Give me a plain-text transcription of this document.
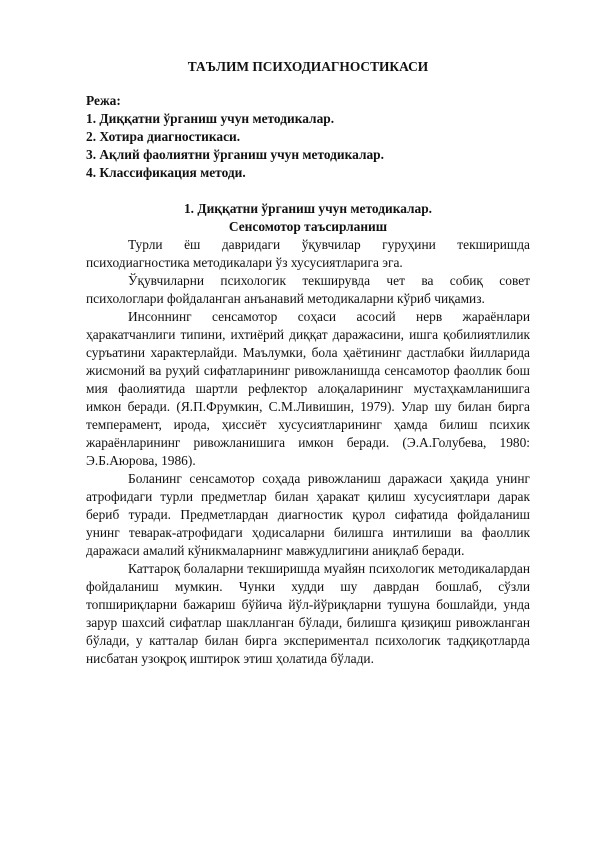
ТАЪЛИМ ПСИХОДИАГНОСТИКАСИ

Режа:

1. Диққатни ўрганиш учун методикалар.

2. Хотира диагностикаси.

3. Ақлий фаолиятни ўрганиш учун методикалар.

4. Классификация методи.

1. Диққатни ўрганиш учун методикалар.
Сенсомотор таъсирланиш

Турли ёш давридаги ўқувчилар гуруҳини текширишда психодиагностика методикалари ўз хусусиятларига эга.

Ўқувчиларни психологик текширувда чет ва собиқ совет психологлари фойдаланган анъанавий методикаларни кўриб чиқамиз.

Инсоннинг сенсамотор соҳаси асосий нерв жараёнлари ҳаракатчанлиги типини, ихтиёрий диққат даражасини, ишга қобилиятлилик суръатини характерлайди. Маълумки, бола ҳаётининг дастлабки йилларида жисмоний ва руҳий сифатларининг ривожланишда сенсамотор фаоллик бош мия фаолиятида шартли рефлектор алоқаларининг мустаҳкамланишига имкон беради. (Я.П.Фрумкин, С.М.Ливишин, 1979). Улар шу билан бирга темперамент, ирода, ҳиссиёт хусусиятларининг ҳамда билиш психик жараёнларининг ривожланишига имкон беради. (Э.А.Голубева, 1980: Э.Б.Аюрова, 1986).

Боланинг сенсамотор соҳада ривожланиш даражаси ҳақида унинг атрофидаги турли предметлар билан ҳаракат қилиш хусусиятлари дарак бериб туради. Предметлардан диагностик қурол сифатида фойдаланиш унинг теварак-атрофидаги ҳодисаларни билишга интилиши ва фаоллик даражаси амалий кўникмаларнинг мавжудлигини аниқлаб беради.

Каттароқ болаларни текширишда муайян психологик методикалардан фойдаланиш мумкин. Чунки худди шу даврдан бошлаб, сўзли топшириқларни бажариш бўйича йўл-йўриқларни тушуна бошлайди, унда зарур шахсий сифатлар шаклланган бўлади, билишга қизиқиш ривожланган бўлади, у катталар билан бирга экспериментал психологик тадқиқотларда нисбатан узоқроқ иштирок этиш ҳолатида бўлади.
